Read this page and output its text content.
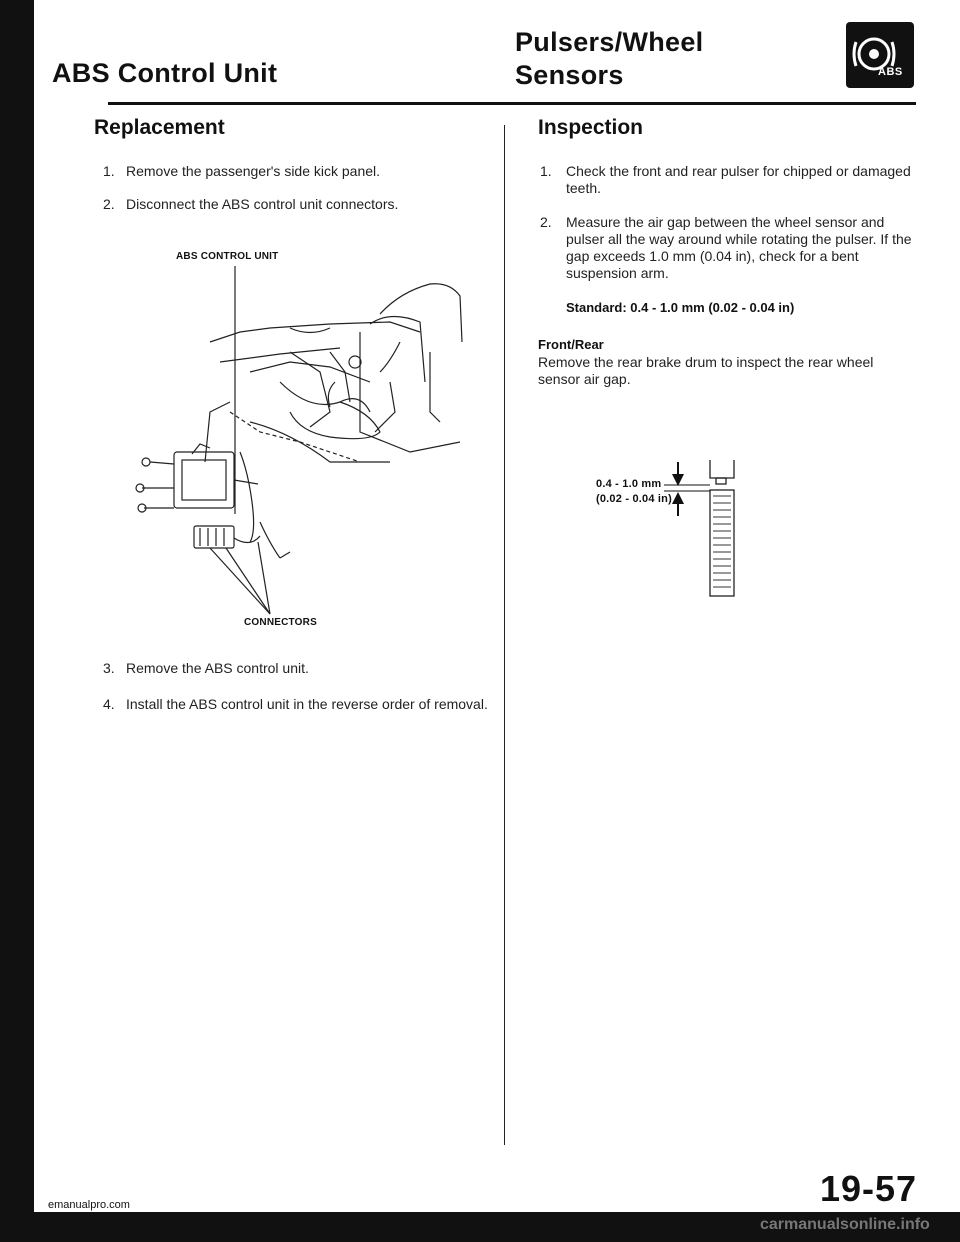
ABS Control Unit
Pulsers/Wheel
Sensors	ABS
Replacement
1. Remove the passenger's side kick panel.
2. Disconnect the ABS control unit connectors.
ABS CONTROL UNIT
CONNECTORS
3. Remove the ABS control unit.
4. Install the ABS control unit in the reverse order of removal.
Inspection
1. Check the front and rear pulser for chipped or damaged teeth.
2. Measure the air gap between the wheel sensor and pulser all the way around while rotating the pulser. If the gap exceeds 1.0 mm (0.04 in), check for a bent suspension arm.
Standard: 0.4 - 1.0 mm (0.02 - 0.04 in)
Front/Rear
Remove the rear brake drum to inspect the rear wheel sensor air gap.
0.4 - 1.0 mm
(0.02 - 0.04 in)
19-57
emanualpro.com
carmanualsonline.info
